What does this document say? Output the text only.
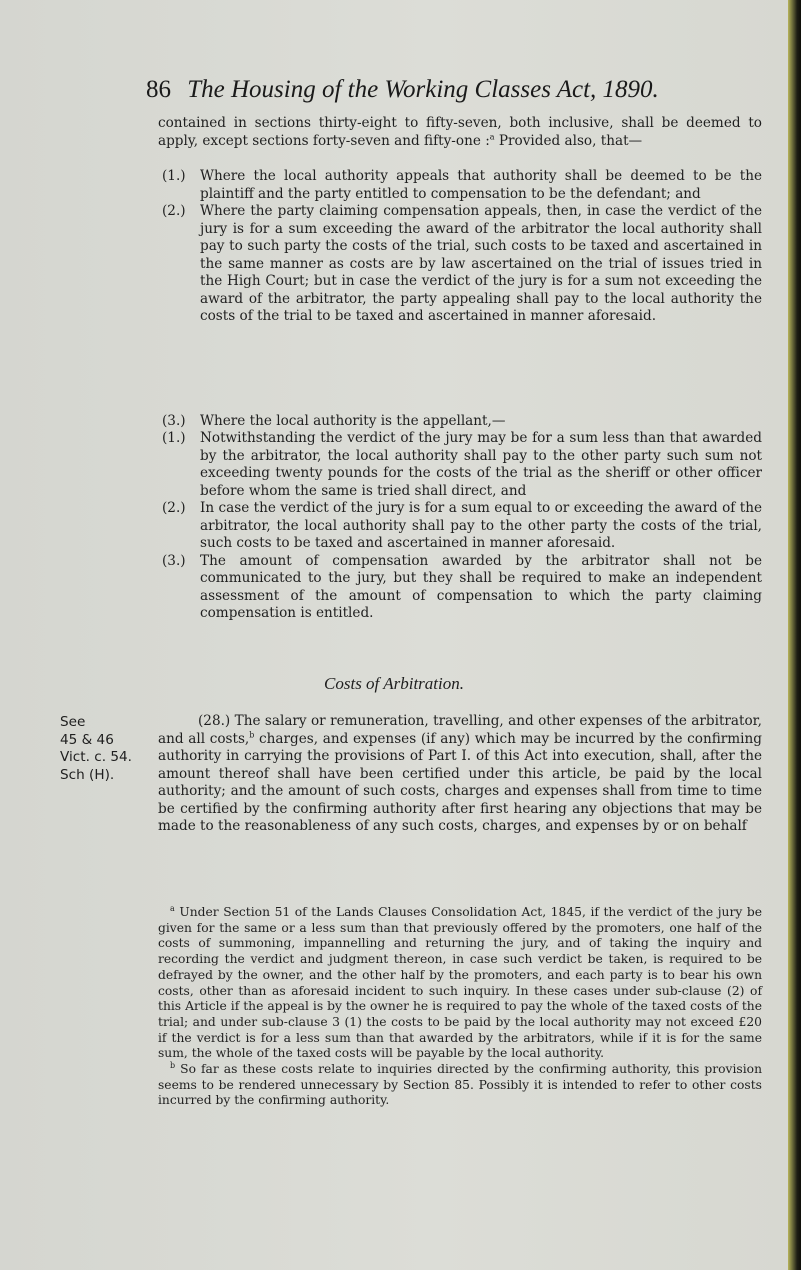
86 The Housing of the Working Classes Act, 1890.

contained in sections thirty-eight to fifty-seven, both inclusive, shall be deemed to apply, except sections forty-seven and fifty-one :$^a$ Provided also, that—

(1.) Where the local authority appeals that authority shall be deemed to be the plaintiff and the party entitled to compensation to be the defendant; and
(2.) Where the party claiming compensation appeals, then, in case the verdict of the jury is for a sum exceeding the award of the arbitrator the local authority shall pay to such party the costs of the trial, such costs to be taxed and ascertained in the same manner as costs are by law ascertained on the trial of issues tried in the High Court; but in case the verdict of the jury is for a sum not exceeding the award of the arbitrator, the party appealing shall pay to the local authority the costs of the trial to be taxed and ascertained in manner aforesaid.
(3.) Where the local authority is the appellant,—
(1.) Notwithstanding the verdict of the jury may be for a sum less than that awarded by the arbitrator, the local authority shall pay to the other party such sum not exceeding twenty pounds for the costs of the trial as the sheriff or other officer before whom the same is tried shall direct, and
(2.) In case the verdict of the jury is for a sum equal to or exceeding the award of the arbitrator, the local authority shall pay to the other party the costs of the trial, such costs to be taxed and ascertained in manner aforesaid.
(3.) The amount of compensation awarded by the arbitrator shall not be communicated to the jury, but they shall be required to make an independent assessment of the amount of compensation to which the party claiming compensation is entitled.
Costs of Arbitration.
See
45 & 46
Vict. c. 54.
Sch (H).

(28.) The salary or remuneration, travelling, and other expenses of the arbitrator, and all costs,$^b$ charges, and expenses (if any) which may be incurred by the confirming authority in carrying the provisions of Part I. of this Act into execution, shall, after the amount thereof shall have been certified under this article, be paid by the local authority; and the amount of such costs, charges and expenses shall from time to time be certified by the confirming authority after first hearing any objections that may be made to the reasonableness of any such costs, charges, and expenses by or on behalf

$^a$ Under Section 51 of the Lands Clauses Consolidation Act, 1845, if the verdict of the jury be given for the same or a less sum than that previously offered by the promoters, one half of the costs of summoning, impannelling and returning the jury, and of taking the inquiry and recording the verdict and judgment thereon, in case such verdict be taken, is required to be defrayed by the owner, and the other half by the promoters, and each party is to bear his own costs, other than as aforesaid incident to such inquiry. In these cases under sub-clause (2) of this Article if the appeal is by the owner he is required to pay the whole of the taxed costs of the trial; and under sub-clause 3 (1) the costs to be paid by the local authority may not exceed £20 if the verdict is for a less sum than that awarded by the arbitrators, while if it is for the same sum, the whole of the taxed costs will be payable by the local authority.

$^b$ So far as these costs relate to inquiries directed by the confirming authority, this provision seems to be rendered unnecessary by Section 85. Possibly it is intended to refer to other costs incurred by the confirming authority.
